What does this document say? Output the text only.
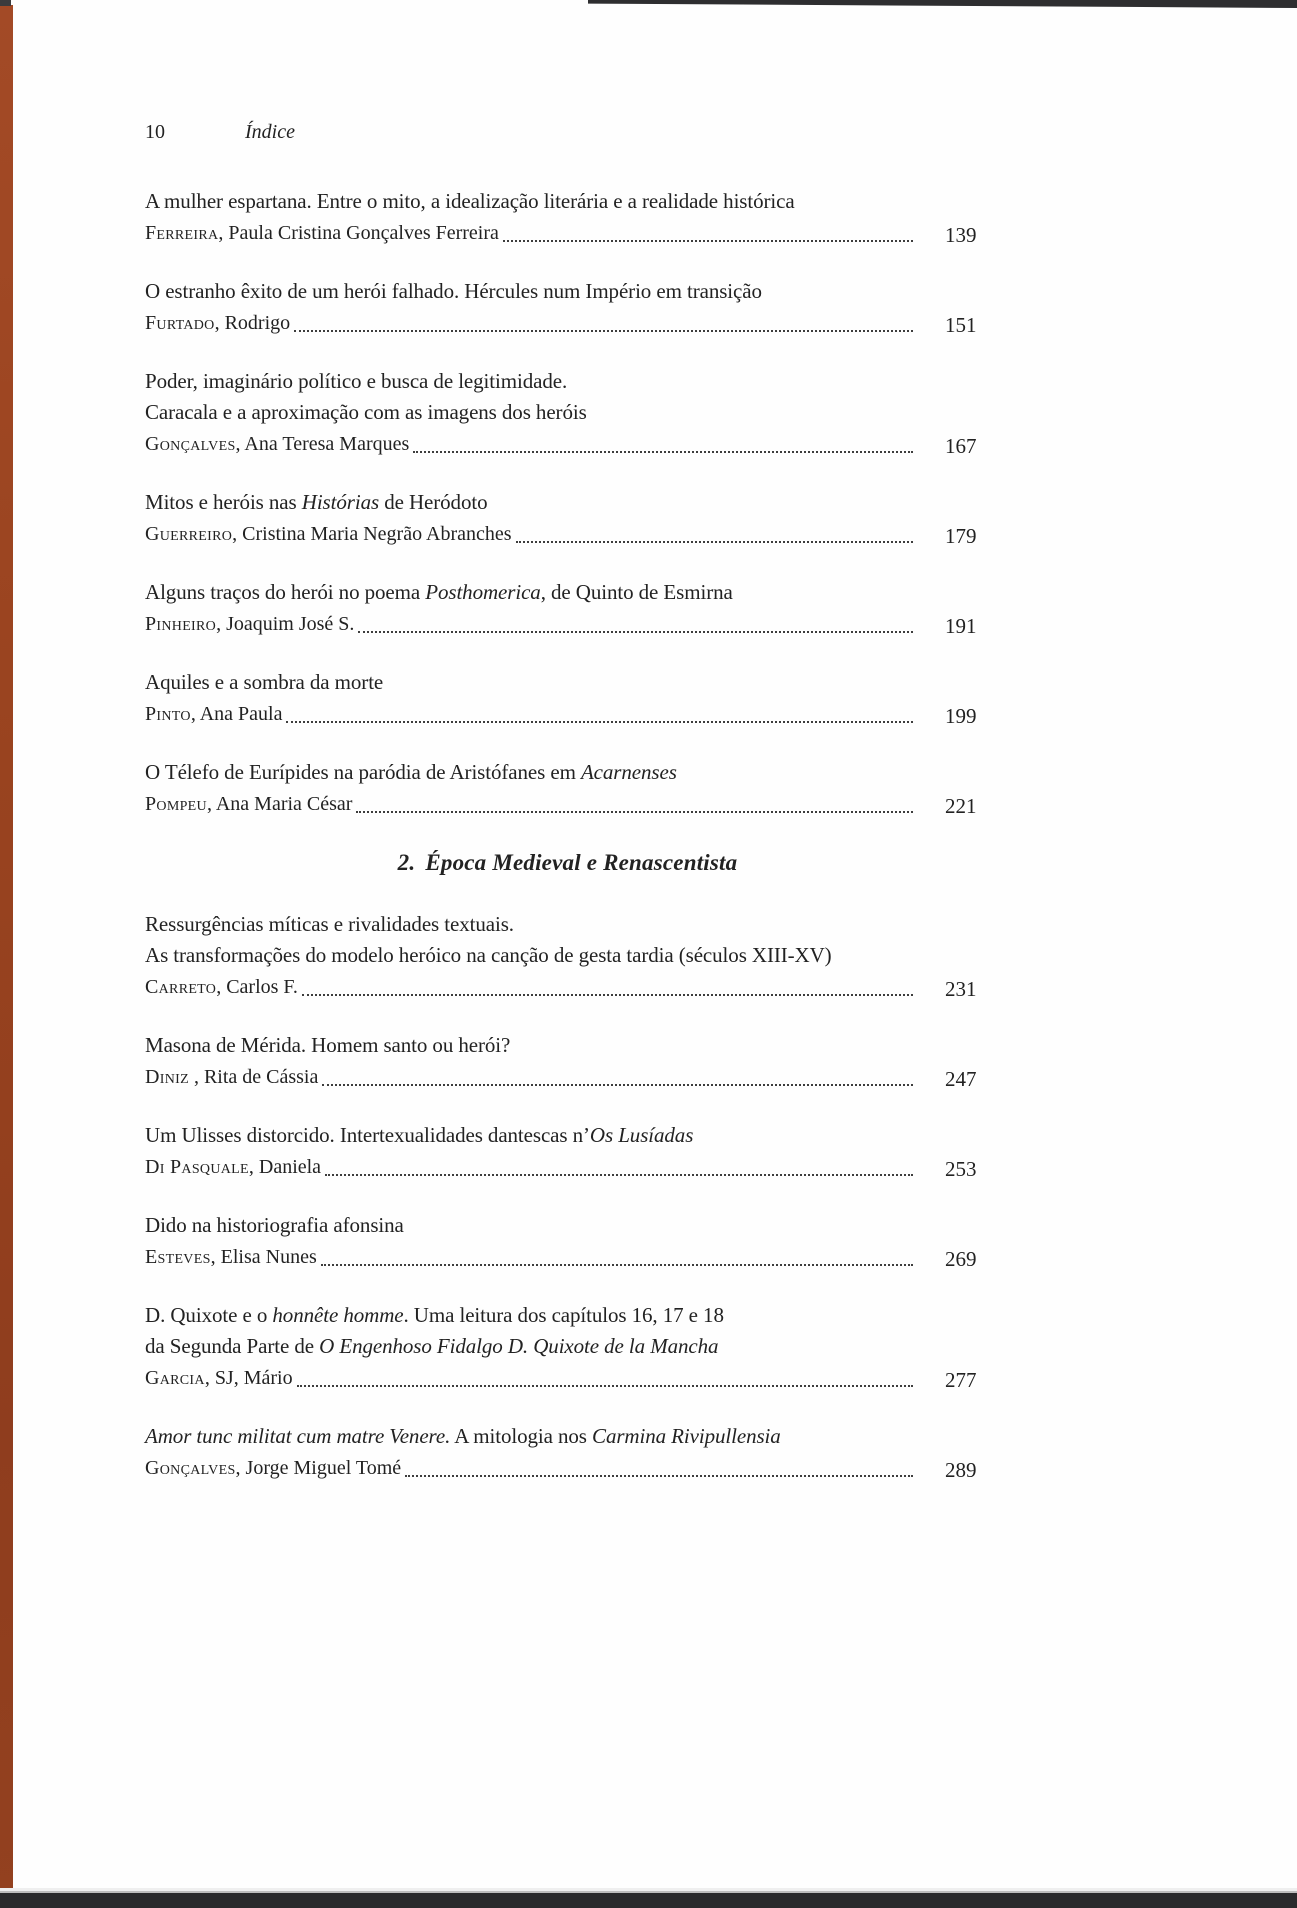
10	Índice
A mulher espartana. Entre o mito, a idealização literária e a realidade histórica
Ferreira, Paula Cristina Gonçalves Ferreira	139
O estranho êxito de um herói falhado. Hércules num Império em transição
Furtado, Rodrigo	151
Poder, imaginário político e busca de legitimidade.
Caracala e a aproximação com as imagens dos heróis
Gonçalves, Ana Teresa Marques	167
Mitos e heróis nas Histórias de Heródoto
Guerreiro, Cristina Maria Negrão Abranches	179
Alguns traços do herói no poema Posthomerica, de Quinto de Esmirna
Pinheiro, Joaquim José S.	191
Aquiles e a sombra da morte
Pinto, Ana Paula	199
O Télefo de Eurípides na paródia de Aristófanes em Acarnenses
Pompeu, Ana Maria César	221
2. Época Medieval e Renascentista
Ressurgências míticas e rivalidades textuais.
As transformações do modelo heróico na canção de gesta tardia (séculos XIII-XV)
Carreto, Carlos F.	231
Masona de Mérida. Homem santo ou herói?
Diniz , Rita de Cássia	247
Um Ulisses distorcido. Intertexualidades dantescas n’Os Lusíadas
Di Pasquale, Daniela	253
Dido na historiografia afonsina
Esteves, Elisa Nunes	269
D. Quixote e o honnête homme. Uma leitura dos capítulos 16, 17 e 18
da Segunda Parte de O Engenhoso Fidalgo D. Quixote de la Mancha
Garcia, SJ, Mário	277
Amor tunc militat cum matre Venere. A mitologia nos Carmina Rivipullensia
Gonçalves, Jorge Miguel Tomé	289
